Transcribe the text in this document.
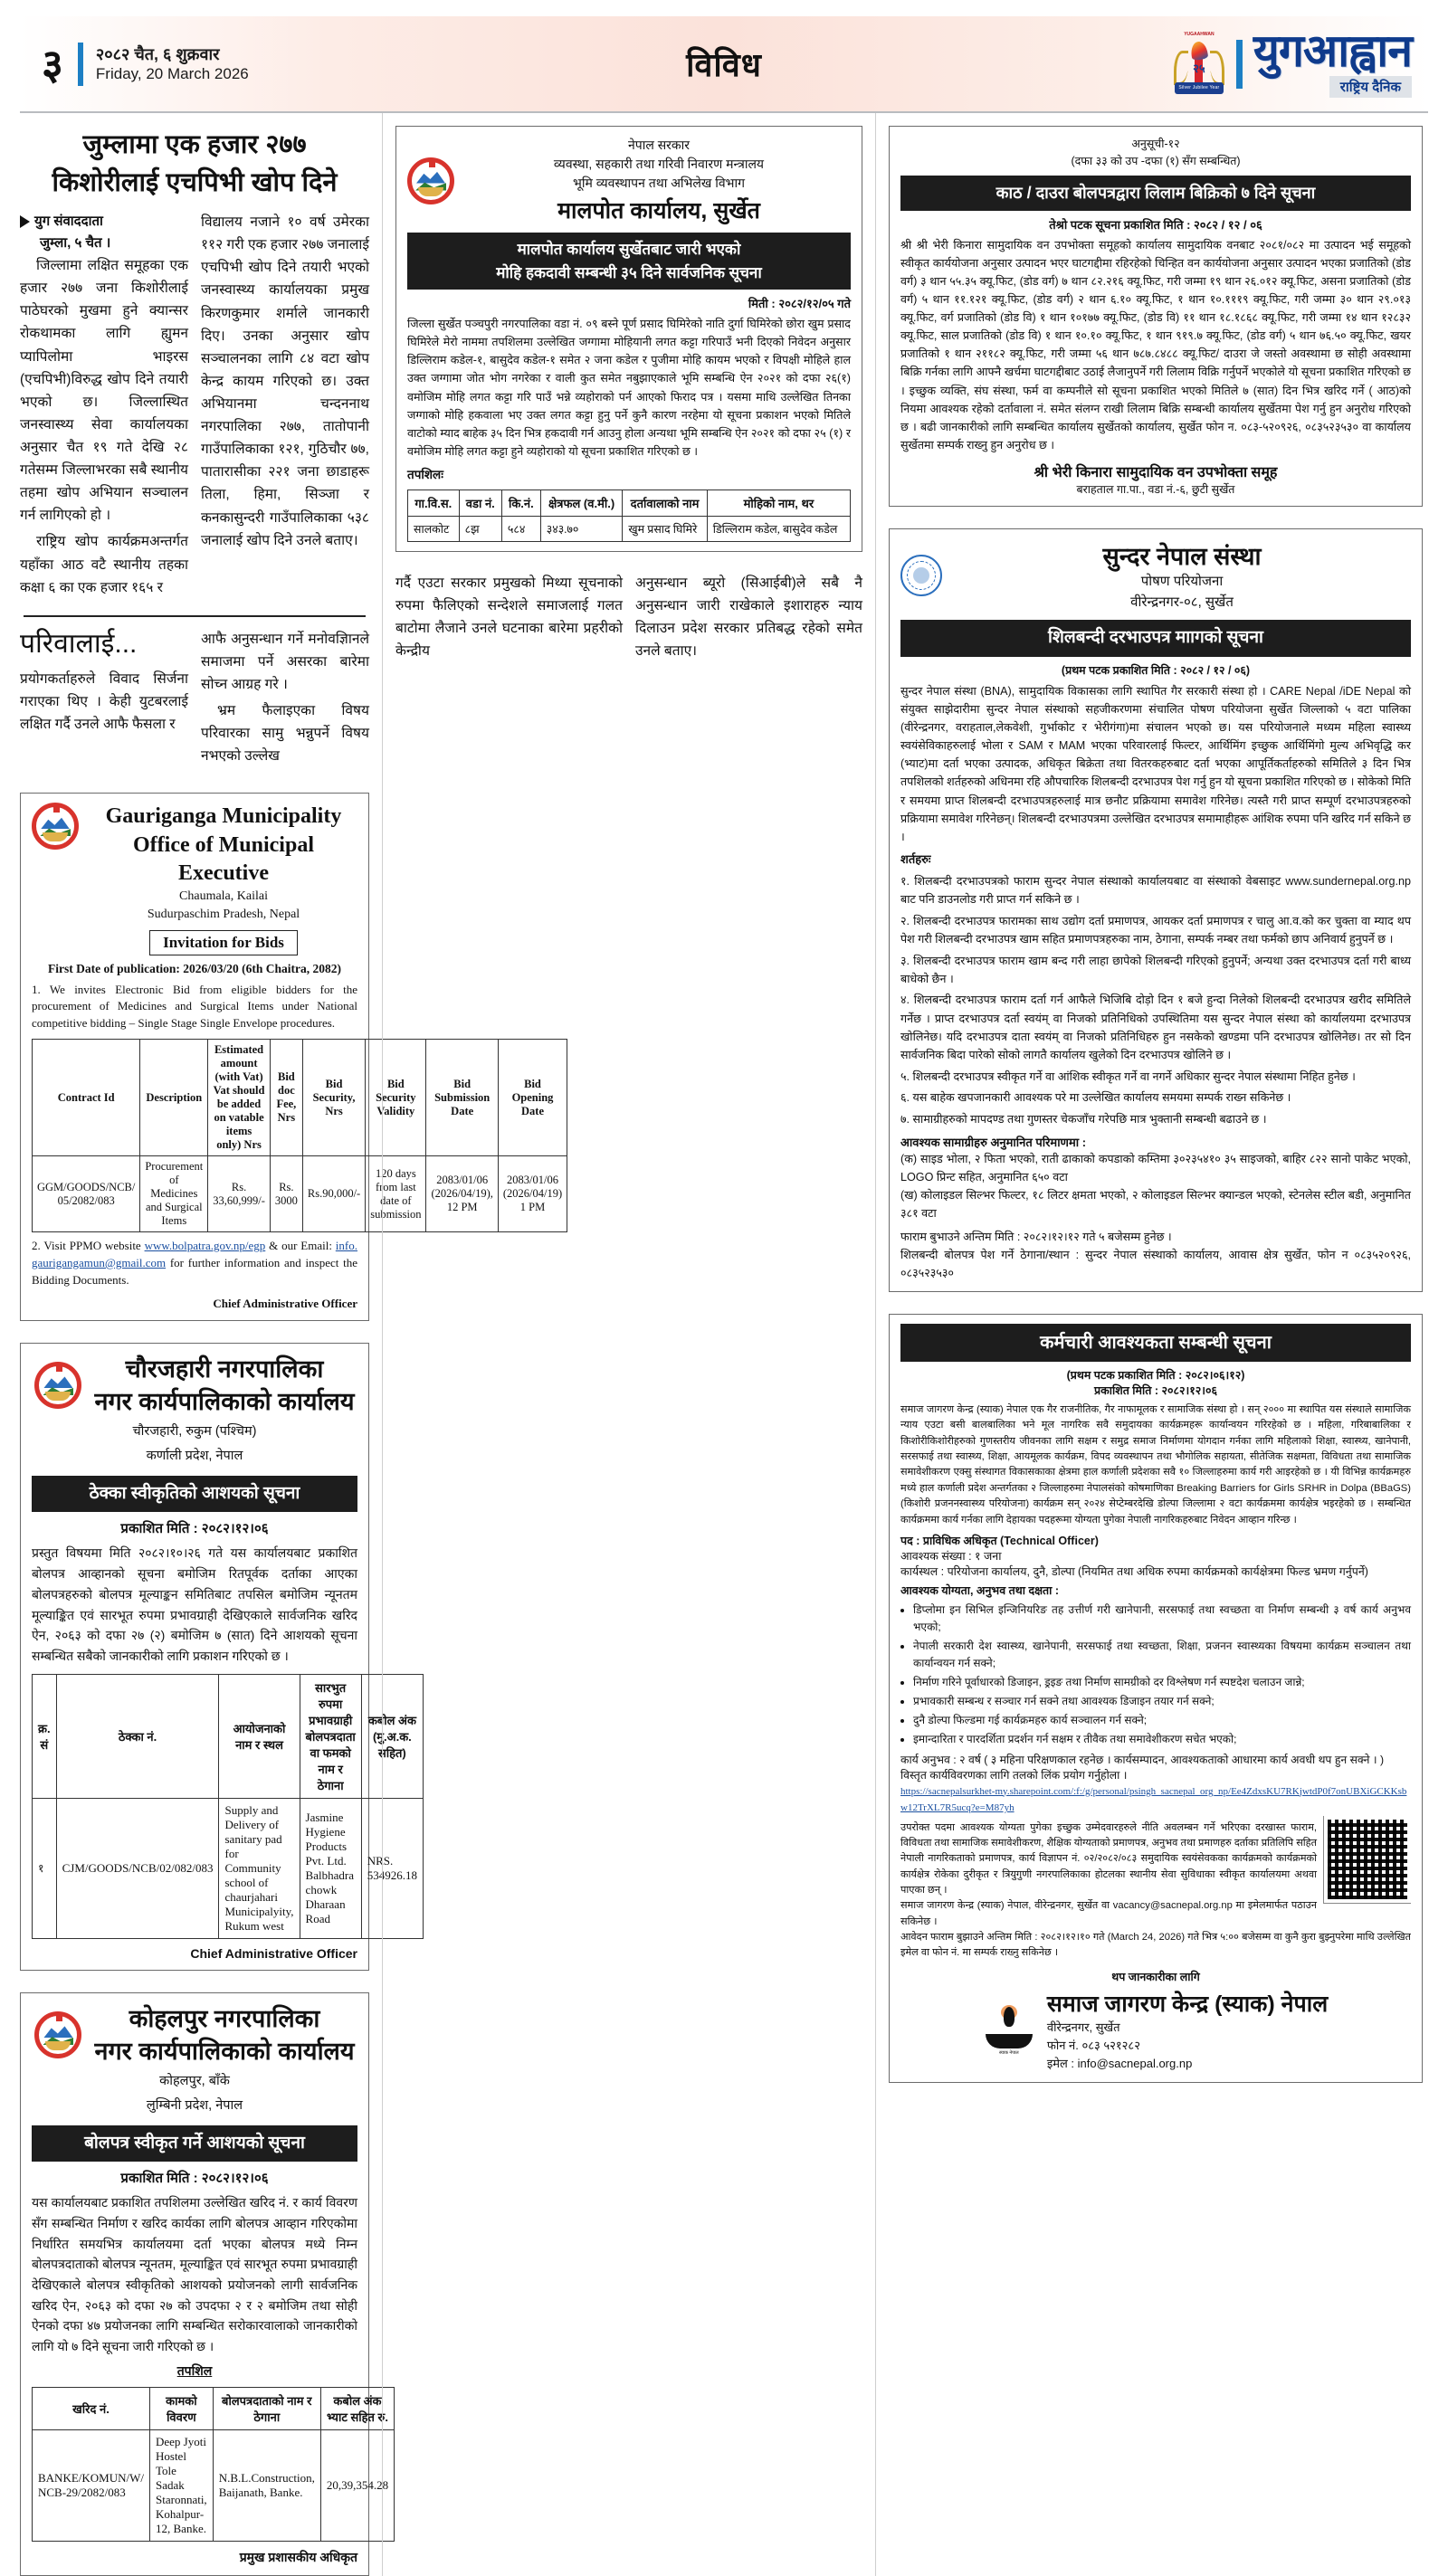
३	२०८२ चैत, ६ शुक्रवार
Friday, 20 March 2026	विविध
YUGAAHWAN
२५
Silver Jubilee Year
युगआह्वान
राष्ट्रिय दैनिक
जुम्लामा एक हजार २७७
किशोरीलाई एचपिभी खोप दिने
युग संवाददाता
जुम्ला, ५ चैत ।

जिल्लामा लक्षित समूहका एक हजार २७७ जना किशोरीलाई पाठेघरको मुखमा हुने क्यान्सर रोकथामका लागि ह्युमन प्यापिलोमा भाइरस (एचपिभी)विरुद्ध खोप दिने तयारी भएको छ। जिल्लास्थित जनस्वास्थ्य सेवा कार्यालयका अनुसार चैत १९ गते देखि २८ गतेसम्म जिल्लाभरका सबै स्थानीय तहमा खोप अभियान सञ्चालन गर्न लागिएको हो ।

राष्ट्रिय खोप कार्यक्रमअन्तर्गत यहाँका आठ वटै स्थानीय तहका कक्षा ६ का एक हजार १६५ र

विद्यालय नजाने १० वर्ष उमेरका ११२ गरी एक हजार २७७ जनालाई एचपिभी खोप दिने तयारी भएको जनस्वास्थ्य कार्यालयका प्रमुख किरणकुमार शर्माले जानकारी दिए। उनका अनुसार खोप सञ्चालनका लागि ८४ वटा खोप केन्द्र कायम गरिएको छ। उक्त अभियानमा चन्दननाथ नगरपालिका २७७, तातोपानी गाउँपालिकाका १२१, गुठिचौर ७७, पातारासीका २२१ जना छाडाहरू तिला, हिमा, सिञ्जा र कनकासुन्दरी गाउँपालिकाका ५३८ जनालाई खोप दिने उनले बताए।

परिवालाई...

प्रयोगकर्ताहरुले विवाद सिर्जना गराएका थिए । केही युटबरलाई लक्षित गर्दै उनले आफै फैसला र

आफै अनुसन्धान गर्ने मनोवज्ञिानले समाजमा पर्ने असरका बारेमा सोच्न आग्रह गरे ।

भ्रम फैलाइएका विषय परिवारका सामु भन्नुपर्ने विषय नभएको उल्लेख

Gauriganga Municipality
Office of Municipal Executive
Chaumala, Kailai
Sudurpaschim Pradesh, Nepal
Invitation for Bids
First Date of publication: 2026/03/20 (6th Chaitra, 2082)
1. We invites Electronic Bid from eligible bidders for the procurement of Medicines and Surgical Items under National competitive bidding – Single Stage Single Envelope procedures.
Contract Id	Description	Estimated amount (with Vat) Vat should be added on vatable items only) Nrs	Bid doc Fee, Nrs	Bid Security, Nrs	Bid Security Validity	Bid Submission Date	Bid Opening Date
GGM/GOODS/NCB/ 05/2082/083	Procurement of Medicines and Surgical Items	Rs. 33,60,999/-	Rs. 3000	Rs.90,000/-	120 days from last date of submission	2083/01/06 (2026/04/19), 12 PM	2083/01/06 (2026/04/19) 1 PM
2. Visit PPMO website www.bolpatra.gov.np/egp & our Email: info.gaurigangamun@gmail.com for further information and inspect the Bidding Documents.
Chief Administrative Officer
चौरजहारी नगरपालिका
नगर कार्यपालिकाको कार्यालय
चौरजहारी, रुकुम (पश्चिम)
कर्णाली प्रदेश, नेपाल
ठेक्का स्वीकृतिको आशयको सूचना
प्रकाशित मिति : २०८२।१२।०६
प्रस्तुत विषयमा मिति २०८२।१०।२६ गते यस कार्यालयबाट प्रकाशित बोलपत्र आव्हानको सूचना बमोजिम रितपूर्वक दर्ताका आएका बोलपत्रहरुको बोलपत्र मूल्याङ्कन समितिबाट तपसिल बमोजिम न्यूनतम मूल्याङ्कित एवं सारभूत रुपमा प्रभावग्राही देखिएकाले सार्वजनिक खरिद ऐन, २०६३ को दफा २७ (२) बमोजिम ७ (सात) दिने आशयको सूचना सम्बन्धित सबैको जानकारीको लागि प्रकाशन गरिएको छ ।
क्र. सं	ठेक्का नं.	आयोजनाको नाम र स्थल	सारभुत रुपमा प्रभावग्राही बोलपत्रदाता वा फमको नाम र ठेगाना	कबोल अंक (मु.अ.क. सहित)
१	CJM/GOODS/NCB/02/082/083	Supply and Delivery of sanitary pad for Community school of chaurjahari Municipalyity, Rukum west	Jasmine Hygiene Products Pvt. Ltd. Balbhadra chowk Dharaan Road	NRS. 534926.18
Chief Administrative Officer
कोहलपुर नगरपालिका
नगर कार्यपालिकाको कार्यालय
कोहलपुर, बाँके
लुम्बिनी प्रदेश, नेपाल
बोलपत्र स्वीकृत गर्ने आशयको सूचना
प्रकाशित मिति : २०८२।१२।०६
यस कार्यालयबाट प्रकाशित तपशिलमा उल्लेखित खरिद नं. र कार्य विवरण सँग सम्बन्धित निर्माण र खरिद कार्यका लागि बोलपत्र आव्हान गरिएकोमा निर्धारित समयभित्र कार्यालयमा दर्ता भएका बोलपत्र मध्ये निम्न बोलपत्रदाताको बोलपत्र न्यूनतम, मूल्याङ्कित एवं सारभूत रुपमा प्रभावग्राही देखिएकाले बोलपत्र स्वीकृतिको आशयको प्रयोजनको लागी सार्वजनिक खरिद ऐन, २०६३ को दफा २७ को उपदफा २ र २ बमोजिम तथा सोही ऐनको दफा ४७ प्रयोजनका लागि सम्बन्धित सरोकारवालाको जानकारीको लागि यो ७ दिने सूचना जारी गरिएको छ ।
तपशिल
खरिद नं.	कामको विवरण	बोलपत्रदाताको नाम र ठेगाना	कबोल अंक भ्याट सहित रु.
BANKE/KOMUN/W/ NCB-29/2082/083	Deep Jyoti Hostel Tole Sadak Staronnati, Kohalpur-12, Banke.	N.B.L.Construction, Baijanath, Banke.	20,39,354.28
प्रमुख प्रशासकीय अधिकृत
नेपाल सरकार
व्यवस्था, सहकारी तथा गरिवी निवारण मन्त्रालय
भूमि व्यवस्थापन तथा अभिलेख विभाग
मालपोत कार्यालय, सुर्खेत
मालपोत कार्यालय सुर्खेतबाट जारी भएको
मोहि हकदावी सम्बन्धी ३५ दिने सार्वजनिक सूचना
मिती : २०८२/१२/०५ गते
जिल्ला सुर्खेत पञ्चपुरी नगरपालिका वडा नं. ०९ बस्ने पूर्ण प्रसाद घिमिरेको नाति दुर्गा घिमिरेको छोरा खुम प्रसाद घिमिरेले मेरो नाममा तपशिलमा उल्लेखित जग्गामा मोहियानी लगत कट्टा गरिपाउँ भनी दिएको निवेदन अनुसार डिल्लिराम कडेल-१, बासुदेव कडेल-१ समेत २ जना कडेल र पुजीमा मोहि कायम भएको र विपक्षी मोहिले हाल उक्त जग्गामा जोत भोग नगरेका र वाली कुत समेत नबुझाएकाले भूमि सम्बन्धि ऐन २०२१ को दफा २६(१) वमोजिम मोहि लगत कट्टा गरि पाउँ भन्ने व्यहोराको पर्न आएको फिराद पत्र । यसमा माथि उल्लेखित तिनका जग्गाको मोहि हकवाला भए उक्त लगत कट्टा हुनु पर्ने कुनै कारण नरहेमा यो सूचना प्रकाशन भएको मितिले वाटोको म्याद बाहेक ३५ दिन भित्र हकदावी गर्न आउनु होला अन्यथा भूमि सम्बन्धि ऐन २०२१ को दफा २५ (१) र वमोजिम मोहि लगत कट्टा हुने व्यहोराको यो सूचना प्रकाशित गरिएको छ ।
तपशिलः
गा.वि.स.	वडा नं.	कि.नं.	क्षेत्रफल (व.मी.)	दर्तावालाको नाम	मोहिको नाम, थर
सालकोट	८झ	५८४	३४३.७०	खुम प्रसाद घिमिरे	डिल्लिराम कडेल, बासुदेव कडेल

गर्दै एउटा सरकार प्रमुखको मिथ्या सूचनाको रुपमा फैलिएको सन्देशले समाजलाई गलत बाटोमा लैजाने उनले घटनाका बारेमा प्रहरीको केन्द्रीय

अनुसन्धान ब्यूरो (सिआईबी)ले सबै नै अनुसन्धान जारी राखेकाले इशाराहरु न्याय दिलाउन प्रदेश सरकार प्रतिबद्ध रहेको समेत उनले बताए।

अनुसूची-१२
(दफा ३३ को उप -दफा (१) सँग सम्बन्धित)
काठ / दाउरा बोलपत्रद्वारा लिलाम बिक्रिको ७ दिने सूचना
तेश्रो पटक सूचना प्रकाशित मिति : २०८२ / १२ / ०६
श्री श्री भेरी किनारा सामुदायिक वन उपभोक्ता समूहको कार्यालय सामुदायिक वनबाट २०८१/०८२ मा उत्पादन भई समूहको स्वीकृत कार्ययोजना अनुसार उत्पादन भएर घाटगद्दीमा रहिरहेको चिन्हित वन कार्ययोजना अनुसार उत्पादन भएका प्रजातिको (डोड वर्ग) ३ थान ५५.३५ क्यू.फिट, (डोड वर्ग) ७ थान ८२.२१६ क्यू.फिट, गरी जम्मा १९ थान २६.०१२ क्यू.फिट, असना प्रजातिको (डोड वर्ग) ५ थान ११.१२१ क्यू.फिट, (डोड वर्ग) २ थान ६.१० क्यू.फिट, १ थान १०.१११९ क्यू.फिट, गरी जम्मा ३० थान २९.०१३ क्यू.फिट, वर्ग प्रजातिको (डोड वि) १ थान १०१७७ क्यू.फिट, (डोड वि) ११ थान १८.१८६८ क्यू.फिट, गरी जम्मा १४ थान १२८३२ क्यू.फिट, साल प्रजातिको (डोड वि) १ थान १०.१० क्यू.फिट, १ थान ९१९.७ क्यू.फिट, (डोड वर्ग) ५ थान ७६.५० क्यू.फिट, खयर प्रजातिको १ थान २११८२ क्यू.फिट, गरी जम्मा ५६ थान ७८७.८४८८ क्यू.फिट/ दाउरा जे जस्तो अवस्थामा छ सोही अवस्थामा बिक्रि गर्नका लागि आफ्नै खर्चमा घाटगद्दीबाट उठाई लैजानुपर्ने गरी लिलाम विक्रि गर्नुपर्ने भएकोले यो सूचना प्रकाशित गरिएको छ । इच्छुक व्यक्ति, संघ संस्था, फर्म वा कम्पनीले सो सूचना प्रकाशित भएको मितिले ७ (सात) दिन भित्र खरिद गर्ने ( आठ)को नियमा आवश्यक रहेको दर्तावाला नं. समेत संलग्न राखी लिलाम बिक्रि सम्बन्धी कार्यालय सुर्खेतमा पेश गर्नु हुन अनुरोध गरिएको छ । बढी जानकारीको लागि सम्बन्धित कार्यालय सुर्खेतको कार्यालय, सुर्खेत फोन न. ०८३-५२०९२६, ०८३५२३५३० वा कार्यालय सुर्खेतमा सम्पर्क राख्नु हुन अनुरोध छ ।
श्री भेरी किनारा सामुदायिक वन उपभोक्ता समूह
बराहताल गा.पा., वडा नं.-६, छुटी सुर्खेत
सुन्दर नेपाल संस्था
पोषण परियोजना
वीरेन्द्रनगर-०८, सुर्खेत
शिलबन्दी दरभाउपत्र माागको सूचना
(प्रथम पटक प्रकाशित मिति : २०८२ / १२ / ०६)
सुन्दर नेपाल संस्था (BNA), सामुदायिक विकासका लागि स्थापित गैर सरकारी संस्था हो । CARE Nepal /iDE Nepal को संयुक्त साझेदारीमा सुन्दर नेपाल संस्थाको सहजीकरणमा संचालित पोषण परियोजना सुर्खेत जिल्लाको ५ वटा पालिका (वीरेन्द्रनगर, वराहताल,लेकवेशी, गुर्भाकोट र भेरीगंगा)मा संचालन भएको छ। यस परियोजनाले मध्यम महिला स्वास्थ्य स्वयंसेविकाहरुलाई भोला र SAM र MAM भएका परिवारलाई फिल्टर, आर्थिमिंग इच्छुक आर्थिमिंगो मुल्य अभिवृद्धि कर (भ्याट)मा दर्ता भएका उत्पादक, अधिकृत बिक्रेता तथा वितरकहरुबाट दर्ता भएका आपूर्तिकर्ताहरुको समितिले ३ दिन भित्र तपशिलको शर्तहरुको अधिनमा रहि औपचारिक शिलबन्दी दरभाउपत्र पेश गर्नु हुन यो सूचना प्रकाशित गरिएको छ । सोकेको मिति र समयमा प्राप्त शिलबन्दी दरभाउपत्रहरुलाई मात्र छनौट प्रक्रियामा समावेश गरिनेछ। त्यस्तै गरी प्राप्त सम्पूर्ण दरभाउपत्रहरुको प्रक्रियामा समावेश गरिनेछन्। शिलबन्दी दरभाउपत्रमा उल्लेखित दरभाउपत्र समामाहीहरू आंशिक रुपमा पनि खरिद गर्न सकिने छ ।
शर्तहरुः
१. शिलबन्दी दरभाउपत्रको फाराम सुन्दर नेपाल संस्थाको कार्यालयबाट वा संस्थाको वेबसाइट www.sundernepal.org.np बाट पनि डाउनलोड गरी प्राप्त गर्न सकिने छ ।
२. शिलबन्दी दरभाउपत्र फारामका साथ उद्योग दर्ता प्रमाणपत्र, आयकर दर्ता प्रमाणपत्र र चालु आ.व.को कर चुक्ता वा म्याद थप पेश गरी शिलबन्दी दरभाउपत्र खाम सहित प्रमाणपत्रहरुका नाम, ठेगाना, सम्पर्क नम्बर तथा फर्मको छाप अनिवार्य हुनुपर्ने छ ।
३. शिलबन्दी दरभाउपत्र फाराम खाम बन्द गरी लाहा छापेको शिलबन्दी गरिएको हुनुपर्ने; अन्यथा उक्त दरभाउपत्र दर्ता गरी बाध्य बाधेको छैन ।
४. शिलबन्दी दरभाउपत्र फाराम दर्ता गर्न आफैले भिजिबि दोड़ो दिन १ बजे हुन्दा निलेको शिलबन्दी दरभाउपत्र खरीद समितिले गर्नेछ । प्राप्त दरभाउपत्र दर्ता स्वयंम् वा निजको प्रतिनिधिको उपस्थितिमा यस सुन्दर नेपाल संस्था को कार्यालयमा दरभाउपत्र खोलिनेछ। यदि दरभाउपत्र दाता स्वयंम् वा निजको प्रतिनिधिहरु हुन नसकेको खण्डमा पनि दरभाउपत्र खोलिनेछ। तर सो दिन सार्वजनिक बिदा पारेको सोको लागतै कार्यालय खुलेको दिन दरभाउपत्र खोलिने छ ।
५. शिलबन्दी दरभाउपत्र स्वीकृत गर्ने वा आंशिक स्वीकृत गर्ने वा नगर्ने अधिकार सुन्दर नेपाल संस्थामा निहित हुनेछ ।
६. यस बाहेक खपजानकारी आवश्यक परे मा उल्लेखित कार्यालय समयमा सम्पर्क राख्न सकिनेछ ।
७. सामाग्रीहरुको मापदण्ड तथा गुणस्तर चेकजाँच गरेपछि मात्र भुक्तानी सम्बन्धी बढाउने छ ।
आवश्यक सामाग्रीहरु अनुमानित परिमाणमा :
(क) साइड भोला, २ फिता भएको, राती ढाकाको कपडाको कम्तिमा ३०२३५४१० ३५ साइजको, बाहिर ८२२ सानो पाकेट भएको, LOGO प्रिन्ट सहित, अनुमानित ६५० वटा
(ख) कोलाइडल सिल्भर फिल्टर, १८ लिटर क्षमता भएको, २ कोलाइडल सिल्भर क्यान्डल भएको, स्टेनलेस स्टील बडी, अनुमानित ३८१ वटा
फाराम बुभाउने अन्तिम मिति : २०८२।१२।१२ गते ५ बजेसम्म हुनेछ ।
शिलबन्दी बोलपत्र पेश गर्ने ठेगाना/स्थान : सुन्दर नेपाल संस्थाको कार्यालय, आवास क्षेत्र सुर्खेत, फोन न ०८३५२०९२६, ०८३५२३५३०
कर्मचारी आवश्यकता सम्बन्धी सूचना
(प्रथम पटक प्रकाशित मिति : २०८२।०६।१२)
प्रकाशित मिति : २०८२।१२।०६
समाज जागरण केन्द्र (स्याक) नेपाल एक गैर राजनीतिक, गैर नाफामूलक र सामाजिक संस्था हो । सन् २००० मा स्थापित यस संस्थाले सामाजिक न्याय एउटा बसी बालबालिका भने मूल नागरिक सवै समुदायका कार्यक्रमहरू कार्यान्वयन गरिरहेको छ । महिला, गरिबाबालिका र किशोरीकिशोरीहरुको गुणस्तरीय जीवनका लागि सक्षम र समुद्र समाज निर्माणमा योगदान गर्नका लागि महिलाको शिक्षा, स्वास्थ्य, खानेपानी, सरसफाई तथा स्वास्थ्य, शिक्षा, आयमूलक कार्यक्रम, विपद व्यवस्थापन तथा भौगोलिक सहायता, सीतेजिक सक्षमता, विविधता तथा सामाजिक समावेशीकरण एक्सु संस्थागत विकासकाका क्षेत्रमा हाल कर्णाली प्रदेशका सवै १० जिल्लाहरुमा कार्य गरी आइरहेको छ । यी विभिन्न कार्यक्रमहरु मध्ये हाल कर्णाली प्रदेश अन्तर्गतका २ जिल्लाहरुमा नेपालसंको कोषमाणिका Breaking Barriers for Girls SRHR in Dolpa (BBaGS) (किशोरी प्रजननस्वास्थ्य परियोजना) कार्यक्रम सन् २०२४ सेप्टेम्बरदेखि डोल्पा जिल्लामा २ वटा कार्यक्रममा कार्यक्षेत्र भइरहेको छ । सम्बन्धित कार्यक्रममा कार्य गर्नका लागि देहायका पदहरूमा योग्यता पुगेका नेपाली नागरिकहरुबाट निवेदन आव्हान गरिन्छ ।
पद : प्राविधिक अधिकृत (Technical Officer)
आवश्यक संख्या : १ जना
कार्यस्थल : परियोजना कार्यालय, दुनै, डोल्पा (नियमित तथा अधिक रुपमा कार्यक्रमको कार्यक्षेत्रमा फिल्ड भ्रमण गर्नुपर्ने)
आवश्यक योग्यता, अनुभव तथा दक्षता :
• डिप्लोमा इन सिभिल इन्जिनियरिङ तह उत्तीर्ण गरी खानेपानी, सरसफाई तथा स्वच्छता वा निर्माण सम्बन्धी ३ वर्ष कार्य अनुभव भएको;
• नेपाली सरकारी देश स्वास्थ्य, खानेपानी, सरसफाई तथा स्वच्छता, शिक्षा, प्रजनन स्वास्थ्यका विषयमा कार्यक्रम सञ्चालन तथा कार्यान्वयन गर्न सक्ने;
• निर्माण गरिने पूर्वाधारको डिजाइन, ड्रइङ तथा निर्माण सामग्रीको दर विश्लेषण गर्न स्पष्टदेश चलाउन जान्ने;
• प्रभावकारी सम्बन्ध र सञ्चार गर्न सक्ने तथा आवश्यक डिजाइन तयार गर्न सक्ने;
• दुनै डोल्पा फिल्डमा गई कार्यक्रमहरु कार्य सञ्चालन गर्न सक्ने;
• इमान्दारिता र पारदर्शिता प्रदर्शन गर्न सक्षम र तीवैक तथा समावेशीकरण सचेत भएको;
कार्य अनुभव : २ वर्ष ( ३ महिना परिक्षणकाल रहनेछ । कार्यसम्पादन, आवश्यकताको आधारमा कार्य अवधी थप हुन सक्ने । )
विस्तृत कार्यविवरणका लागि तलको लिंक प्रयोग गर्नुहोला ।
https://sacnepalsurkhet-my.sharepoint.com/:f:/g/personal/psingh_sacnepal_org_np/Ee4ZdxsKU7RKjwtdP0f7onUBXiGCKKsbw12TrXL7R5ucq?e=M87yh
उपरोक्त पदमा आवश्यक योग्यता पुगेका इच्छुक उम्मेदवारहरुले नीति अवलम्बन गर्ने भरिएका दरखास्त फाराम, विविधता तथा सामाजिक समावेशीकरण, शैक्षिक योग्यताको प्रमाणपत्र, अनुभव तथा प्रमाणहरु दर्ताका प्रतिलिपि सहित नेपाली नागरिकताको प्रमाणपत्र, कार्य विज्ञापन नं. ०२/२०८२/०८३ समुदायिक स्वयंसेवकका कार्यक्रमको कार्यक्रमको कार्यक्षेत्र रोकेका दुरीकृत र त्रियुगुणी नगरपालिकाका होटलका स्थानीय सेवा सुविधाका स्वीकृत कार्यालयमा अथवा पाएका छन् ।
समाज जागरण केन्द्र (स्याक) नेपाल, वीरेन्द्रनगर, सुर्खेत वा vacancy@sacnepal.org.np मा इमेलमार्फत पठाउन सकिनेछ ।
आवेदन फाराम बुझाउने अन्तिम मिति : २०८२।१२।१० गते (March 24, 2026) गते भित्र ५:०० बजेसम्म वा कुनै कुरा बुझ्नुपरेमा माथि उल्लेखित इमेल वा फोन नं. मा सम्पर्क राख्नु सकिनेछ ।
थप जानकारीका लागि
स्याक नेपाल
समाज जागरण केन्द्र (स्याक) नेपाल
वीरेन्द्रनगर, सुर्खेत
फोन नं. ०८३ ५२१२८२
इमेल : info@sacnepal.org.np
